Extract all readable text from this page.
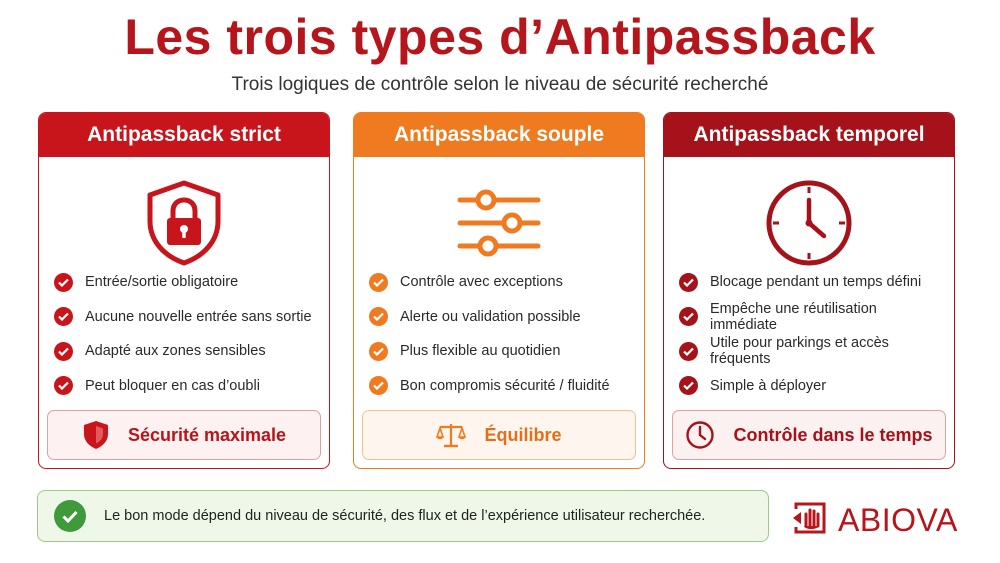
Les trois types d’Antipassback
Trois logiques de contrôle selon le niveau de sécurité recherché
Antipassback strict
Entrée/sortie obligatoire
Aucune nouvelle entrée sans sortie
Adapté aux zones sensibles
Peut bloquer en cas d’oubli
Sécurité maximale
Antipassback souple
Contrôle avec exceptions
Alerte ou validation possible
Plus flexible au quotidien
Bon compromis sécurité / fluidité
Équilibre
Antipassback temporel
Blocage pendant un temps défini
Empêche une réutilisation immédiate
Utile pour parkings et accès fréquents
Simple à déployer
Contrôle dans le temps
Le bon mode dépend du niveau de sécurité, des flux et de l’expérience utilisateur recherchée.	ABIOVA
